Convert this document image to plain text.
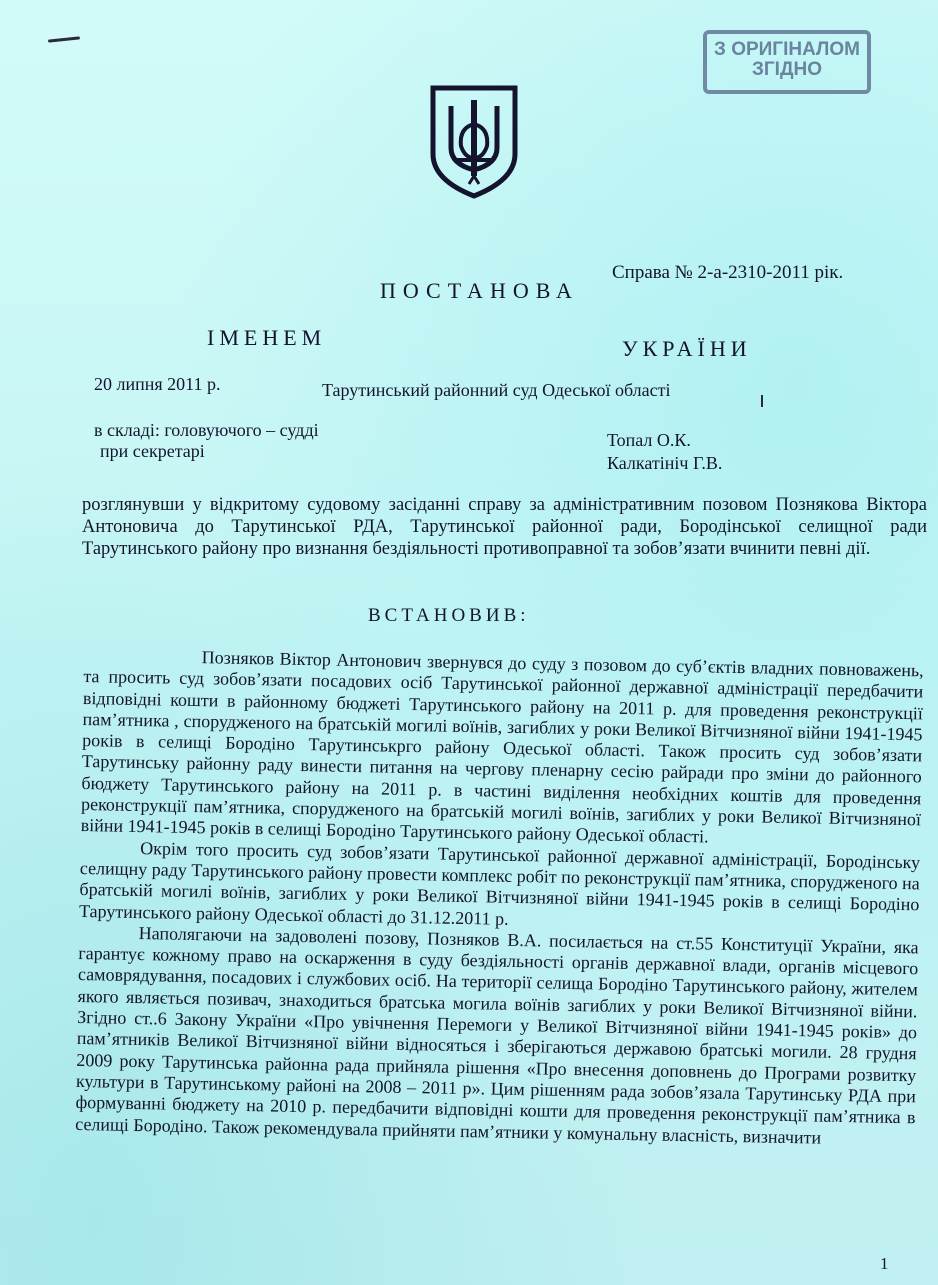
З ОРИГІНАЛОМ
ЗГІДНО
Справа № 2-а-2310-2011 рік.
ПОСТАНОВА
ІМЕНЕМ	УКРАЇНИ
20 липня 2011 р.	Тарутинський районний суд Одеської області
в складі: головуючого – судді
при секретарі
Топал О.К.
Калкатініч Г.В.
розглянувши у відкритому судовому засіданні справу за адміністративним позовом Познякова Віктора Антоновича до Тарутинської РДА, Тарутинської районної ради, Бородінської селищної ради Тарутинського району про визнання бездіяльності противоправної та зобов’язати вчинити певні дії.
ВСТАНОВИВ:

Позняков Віктор Антонович звернувся до суду з позовом до суб’єктів владних повноважень, та просить суд зобов’язати посадових осіб Тарутинської районної державної адміністрації передбачити відповідні кошти в районному бюджеті Тарутинського району на 2011 р. для проведення реконструкції пам’ятника , спорудженого на братській могилі воїнів, загиблих у роки Великої Вітчизняної війни 1941-1945 років в селищі Бородіно Тарутинськрго району Одеської області. Також просить суд зобов’язати Тарутинську районну раду винести питання на чергову пленарну сесію райради про зміни до районного бюджету Тарутинського району на 2011 р. в частині виділення необхідних коштів для проведення реконструкції пам’ятника, спорудженого на братській могилі воїнів, загиблих у роки Великої Вітчизняної війни 1941-1945 років в селищі Бородіно Тарутинського району Одеської області.

Окрім того просить суд зобов’язати Тарутинської районної державної адміністрації, Бородінську селищну раду Тарутинського району провести комплекс робіт по реконструкції пам’ятника, спорудженого на братській могилі воїнів, загиблих у роки Великої Вітчизняної війни 1941-1945 років в селищі Бородіно Тарутинського району Одеської області до 31.12.2011 р.

Наполягаючи на задоволені позову, Позняков В.А. посилається на ст.55 Конституції України, яка гарантує кожному право на оскарження в суду бездіяльності органів державної влади, органів місцевого самоврядування, посадових і службових осіб. На території селища Бородіно Тарутинського району, жителем якого являється позивач, знаходиться братська могила воїнів загиблих у роки Великої Вітчизняної війни. Згідно ст..6 Закону України «Про увічнення Перемоги у Великої Вітчизняної війни 1941-1945 років» до пам’ятників Великої Вітчизняної війни відносяться і зберігаються державою братські могили. 28 грудня 2009 року Тарутинська районна рада прийняла рішення «Про внесення доповнень до Програми розвитку культури в Тарутинському районі на 2008 – 2011 р». Цим рішенням рада зобов’язала Тарутинську РДА при формуванні бюджету на 2010 р. передбачити відповідні кошти для проведення реконструкції пам’ятника в селищі Бородіно. Також рекомендувала прийняти пам’ятники у комунальну власність, визначити

1
